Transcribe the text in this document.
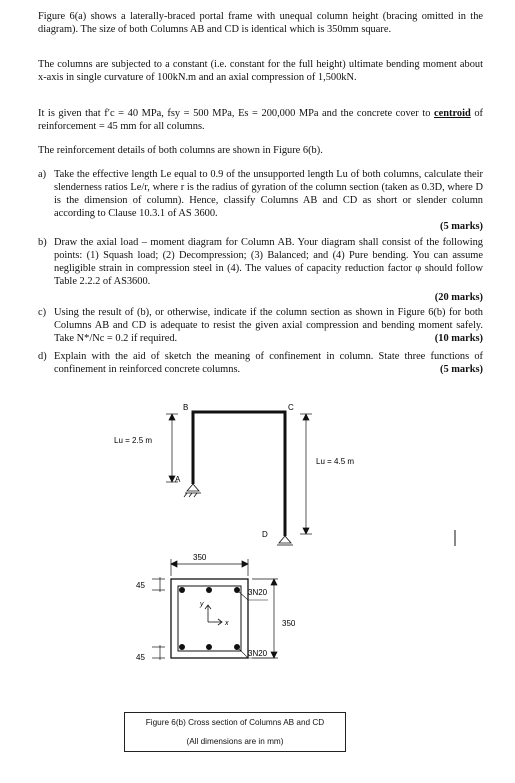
Figure 6(a) shows a laterally-braced portal frame with unequal column height (bracing omitted in the diagram). The size of both Columns AB and CD is identical which is 350mm square.

The columns are subjected to a constant (i.e. constant for the full height) ultimate bending moment about x-axis in single curvature of 100kN.m and an axial compression of 1,500kN.

It is given that f′c = 40 MPa, fsy = 500 MPa, Es = 200,000 MPa and the concrete cover to centroid of reinforcement = 45 mm for all columns.

The reinforcement details of both columns are shown in Figure 6(b).

a) Take the effective length Le equal to 0.9 of the unsupported length Lu of both columns, calculate their slenderness ratios Le/r, where r is the radius of gyration of the column section (taken as 0.3D, where D is the dimension of column). Hence, classify Columns AB and CD as short or slender column according to Clause 10.3.1 of AS 3600.
(5 marks)
b) Draw the axial load – moment diagram for Column AB. Your diagram shall consist of the following points: (1) Squash load; (2) Decompression; (3) Balanced; and (4) Pure bending. You can assume negligible strain in compression steel in (4). The values of capacity reduction factor φ should follow Table 2.2.2 of AS3600.
(20 marks)
c) Using the result of (b), or otherwise, indicate if the column section as shown in Figure 6(b) for both Columns AB and CD is adequate to resist the given axial compression and bending moment safely. Take N*/Nc = 0.2 if required.	(10 marks)
d) Explain with the aid of sketch the meaning of confinement in column. State three functions of confinement in reinforced concrete columns.	(5 marks)
B	C
A
D
Lu = 2.5 m
Lu = 4.5 m
350
y
x
45
45
3N20
3N20
350
Figure 6(b) Cross section of Columns AB and CD
(All dimensions are in mm)
